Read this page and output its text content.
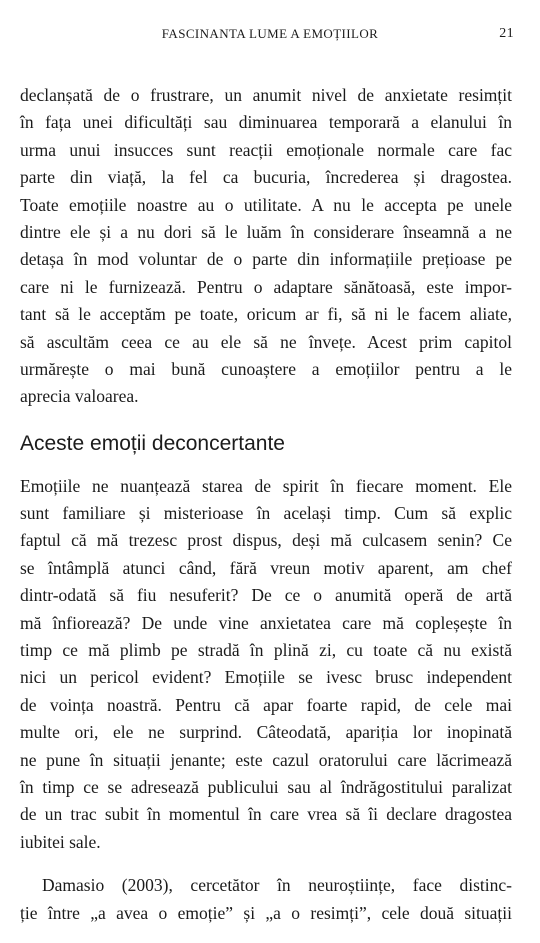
FASCINANTA LUME A EMOȚIILOR	21

declanșată de o frustrare, un anumit nivel de anxietate resimțit
în fața unei dificultăți sau diminuarea temporară a elanului în
urma unui insucces sunt reacții emoționale normale care fac
parte din viață, la fel ca bucuria, încrederea și dragostea.
Toate emoțiile noastre au o utilitate. A nu le accepta pe unele
dintre ele și a nu dori să le luăm în considerare înseamnă a ne
detașa în mod voluntar de o parte din informațiile prețioase pe
care ni le furnizează. Pentru o adaptare sănătoasă, este impor-
tant să le acceptăm pe toate, oricum ar fi, să ni le facem aliate,
să ascultăm ceea ce au ele să ne învețe. Acest prim capitol
urmărește o mai bună cunoaștere a emoțiilor pentru a le
aprecia valoarea.

Aceste emoții deconcertante

Emoțiile ne nuanțează starea de spirit în fiecare moment. Ele
sunt familiare și misterioase în același timp. Cum să explic
faptul că mă trezesc prost dispus, deși mă culcasem senin? Ce
se întâmplă atunci când, fără vreun motiv aparent, am chef
dintr-odată să fiu nesuferit? De ce o anumită operă de artă
mă înfiorează? De unde vine anxietatea care mă copleșește în
timp ce mă plimb pe stradă în plină zi, cu toate că nu există
nici un pericol evident? Emoțiile se ivesc brusc independent
de voința noastră. Pentru că apar foarte rapid, de cele mai
multe ori, ele ne surprind. Câteodată, apariția lor inopinată
ne pune în situații jenante; este cazul oratorului care lăcrimează
în timp ce se adresează publicului sau al îndrăgostitului paralizat
de un trac subit în momentul în care vrea să îi declare dragostea
iubitei sale.

Damasio (2003), cercetător în neuroștiințe, face distinc-
ție între „a avea o emoție” și „a o resimți”, cele două situații
